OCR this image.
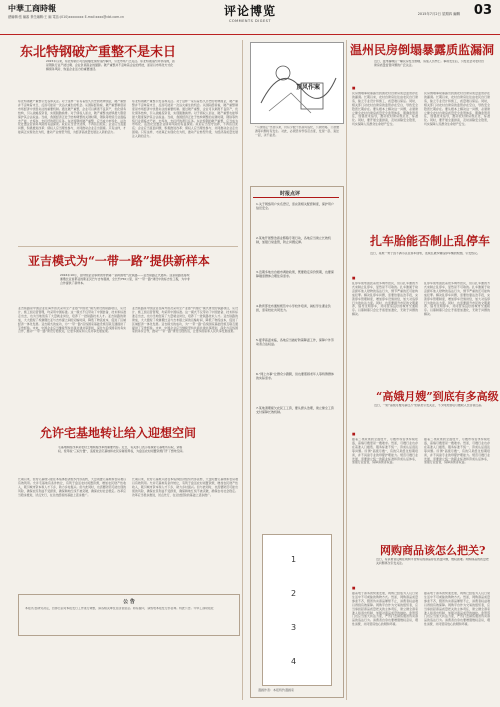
中華工商時報
總編輯:張 編審 責任編輯:王 編 電話:(010)xxxxxxxx E-mail:xxxx@cbt.com.cn	评论博览
COMMENTS DIGEST
2015年7月2日 星期四 編輯 03
东北特钢破产重整不是末日
2015年以来，东北特钢公司连续爆发债券违约事件，引发市场广泛关注。东北特钢违约并非孤例，而是钢铁行业产能过剩、企业负债高企的缩影。破产重整并不意味着企业的终结，而是以市场化方式化解债务风险、恢复企业活力的重要途径。
东北特钢破产重整引发各界关注。对于这样一家有着悠久历史的老牌国企，破产重整并不意味着末日，反而可能是一次浴火重生的机会。从国际经验看，破产重整制度是市场经济中优胜劣汰的重要机制。通过破产重整，企业可以剥离不良资产，优化债务结构，引入战略投资者，实现脱胎换骨。对于债权人而言，破产重整也能够最大限度保护其合法权益。当前，我国经济正处于结构调整的关键时期，钢铁等传统行业面临去产能、去库存、去杠杆的艰巨任务。东北特钢的破产重整，应当成为市场化、法治化处置企业债务风险的有益探索。政府应当坚守边界，不再盲目兜底；企业应当直面问题，积极推进改革；债权人应当理性参与，共同推动企业走出困境。只有这样，才能真正实现化危为机，推动产业转型升级，为经济高质量发展注入新的活力。
东北特钢破产重整引发各界关注。对于这样一家有着悠久历史的老牌国企，破产重整并不意味着末日，反而可能是一次浴火重生的机会。从国际经验看，破产重整制度是市场经济中优胜劣汰的重要机制。通过破产重整，企业可以剥离不良资产，优化债务结构，引入战略投资者，实现脱胎换骨。对于债权人而言，破产重整也能够最大限度保护其合法权益。当前，我国经济正处于结构调整的关键时期，钢铁等传统行业面临去产能、去库存、去杠杆的艰巨任务。东北特钢的破产重整，应当成为市场化、法治化处置企业债务风险的有益探索。政府应当坚守边界，不再盲目兜底；企业应当直面问题，积极推进改革；债权人应当理性参与，共同推动企业走出困境。只有这样，才能真正实现化危为机，推动产业转型升级，为经济高质量发展注入新的活力。
亚吉模式为“一带一路”提供新样本
2016年10月，由中国企业承建的非洲第一条跨国电气化铁路——亚吉铁路正式通车。这条铁路连接埃塞俄比亚首都亚的斯亚贝巴与吉布提港，全长约750公里，是“一带一路”建设中的标志性工程，为中非合作提供了新样本。
亚吉铁路是中国企业在海外首次采用全产业链“中国化”模式建设的铁路项目，从设计、施工到运营管理，均采用中国标准。这一模式不仅带动了中国装备、技术和标准走出去，也为当地创造了大量就业岗位，培养了一批铁路技术人才。亚吉铁路的建成，大大缩短了埃塞俄比亚与吉布提之间的运输时间，降低了物流成本，促进了区域经济一体化发展。亚吉模式的成功，为“一带一路”沿线国家基础设施互联互通提供了宝贵经验。未来，中国企业应当继续坚持共商共建共享原则，深化与沿线国家的务实合作，推动“一带一路”建设行稳致远，让更多国家和人民共享发展成果。
亚吉铁路是中国企业在海外首次采用全产业链“中国化”模式建设的铁路项目，从设计、施工到运营管理，均采用中国标准。这一模式不仅带动了中国装备、技术和标准走出去，也为当地创造了大量就业岗位，培养了一批铁路技术人才。亚吉铁路的建成，大大缩短了埃塞俄比亚与吉布提之间的运输时间，降低了物流成本，促进了区域经济一体化发展。亚吉模式的成功，为“一带一路”沿线国家基础设施互联互通提供了宝贵经验。未来，中国企业应当继续坚持共商共建共享原则，深化与沿线国家的务实合作，推动“一带一路”建设行稳致远，让更多国家和人民共享发展成果。
允许宅基地转让给入迎想空间
宅基地制度改革是农村土地制度改革的重要内容。近日，有关部门表示将探索宅基地所有权、资格权、使用权“三权分置”，适度放活宅基地和农民房屋使用权，为盘活农村闲置资源打开了想象空间。
长期以来，农村宅基地只能在本集体经济组织内部流转，大量闲置宅基地和农房难以有效利用。允许宅基地有条件转让，有利于盘活农村闲置资源，增加农民财产性收入，吸引城市资本和人才下乡，助力乡村振兴。但与此同时，也需要防范可能出现的风险，确保农民利益不受损害，确保耕地红线不被突破，确保农村社会稳定。改革应当稳步推进，试点先行，在总结经验的基础上逐步推广。
长期以来，农村宅基地只能在本集体经济组织内部流转，大量闲置宅基地和农房难以有效利用。允许宅基地有条件转让，有利于盘活农村闲置资源，增加农民财产性收入，吸引城市资本和人才下乡，助力乡村振兴。但与此同时，也需要防范可能出现的风险，确保农民利益不受损害，确保耕地红线不被突破，确保农村社会稳定。改革应当稳步推进，试点先行，在总结经验的基础上逐步推广。
公 告
本报讯 经研究决定，自即日起对本报发行工作进行调整，请各相关单位及读者留意。如有疑问，请致电本报发行部咨询。特此公告。中华工商时报社
顶风作案
“八项规定”出台以来，仍有少数干部顶风违纪，公款吃喝、公款旅游等问题时有发生。对此，必须坚持零容忍态度，发现一起、查处一起，决不姑息。
时报点评
1.关于网络用户实名登记，需完善相关配套制度，保护用户信息安全。
2.某地开展整治商业贿赂专项行动，各地应当建立长效机制，加强日常监管，防止问题反弹。
3.近期多地出台楼市调控政策，既要稳定房价预期，也要保障刚需群体合理住房需求。
4.教育部发布通知规范中小学校外培训，减轻学生课业负担，需家校社共同发力。
5.夏季高温来临，各地应当做好防暑降温工作，保障户外劳动者合法权益。
6.“网上办事”让群众少跑腿，但也要照顾老年人等特殊群体的实际需求。
7.某地清理拖欠农民工工资，要从源头治理，建立健全工资支付保障长效机制。
1
2
3
4
漫画作者：本报特约漫画家
温州民房倒塌暴露质监漏洞
近日，温州鹿城区一幢民房发生倒塌，造成人员伤亡。事故发生后，引发社会对农村自建房质量监管问题的广泛关注。
■
民房倒塌事故暴露出我国农村自建房质量监管存在的漏洞。长期以来，农村自建房往往由农民自行建造，缺乏专业设计和施工，质量难以保证。同时，相关部门对农村自建房的监管存在空白，导致安全隐患长期存在。要从根本上解决这一问题，必须建立健全农村自建房质量安全监管体系，明确监管责任，加强技术指导，推动农村建房规范化、标准化。同时，要开展全面排查，及时消除安全隐患，切实保障人民群众生命财产安全。
民房倒塌事故暴露出我国农村自建房质量监管存在的漏洞。长期以来，农村自建房往往由农民自行建造，缺乏专业设计和施工，质量难以保证。同时，相关部门对农村自建房的监管存在空白，导致安全隐患长期存在。要从根本上解决这一问题，必须建立健全农村自建房质量安全监管体系，明确监管责任，加强技术指导，推动农村建房规范化、标准化。同时，要开展全面排查，及时消除安全隐患，切实保障人民群众生命财产安全。
扎车胎能否制止乱停车
近日，某地一男子因不满小区乱停车现象，连续扎破多辆违停车辆的轮胎，引发热议。
■
乱停车现象困扰着很多城市居民，但以扎车胎的方式来制止乱停车，显然是不可取的。扎车胎属于故意损坏他人财物的违法行为，情节严重的还可能构成犯罪。解决乱停车问题，需要依靠法治手段，完善停车管理制度，增加停车设施供给，加大对违停行为的执法力度。同时，也需要提升市民的文明素养，倡导文明停车，共同营造良好的城市交通秩序。以暴制暴只会让矛盾更加激化，无助于问题的解决。
乱停车现象困扰着很多城市居民，但以扎车胎的方式来制止乱停车，显然是不可取的。扎车胎属于故意损坏他人财物的违法行为，情节严重的还可能构成犯罪。解决乱停车问题，需要依靠法治手段，完善停车管理制度，增加停车设施供给，加大对违停行为的执法力度。同时，也需要提升市民的文明素养，倡导文明停车，共同营造良好的城市交通秩序。以暴制暴只会让矛盾更加激化，无助于问题的解决。
“高娥月嫂”到底有多高级
近日，一则“高级月嫂月薪过万”的消息引发关注，不少网友感叹月嫂收入比白领还高。
■
随着二孩政策的全面放开，月嫂市场需求持续旺盛，高端月嫂更是一嫂难求。然而，月嫂行业也存在着准入门槛低、服务标准不统一、资质认证混乱等问题。所谓“高级月嫂”，有的只是经过短期培训，并不具备专业的母婴护理能力。规范月嫂行业发展，需要建立统一的职业标准和资质认证体系，加强行业监管，保障消费者权益。
随着二孩政策的全面放开，月嫂市场需求持续旺盛，高端月嫂更是一嫂难求。然而，月嫂行业也存在着准入门槛低、服务标准不统一、资质认证混乱等问题。所谓“高级月嫂”，有的只是经过短期培训，并不具备专业的母婴护理能力。规范月嫂行业发展，需要建立统一的职业标准和资质认证体系，加强行业监管，保障消费者权益。
网购商品该怎么把关?
近日，有消费者反映在网购平台购买的商品存在质量问题，维权困难。网购商品的质量把关问题再次引发关注。
■
随着电子商务的快速发展，网购已经成为人们日常生活中不可或缺的购物方式。然而，网购商品质量参差不齐，假冒伪劣商品屡禁不止，消费者权益难以得到有效保障。网购平台作为交易的组织者，应当承担起商品质量把关的主体责任，建立健全商家准入和退出机制，加强对商品质量的抽检。监管部门也应当加大执法力度，严厉打击销售假冒伪劣商品的违法行为。消费者自身也要增强维权意识，理性消费，共同营造放心的网购环境。
随着电子商务的快速发展，网购已经成为人们日常生活中不可或缺的购物方式。然而，网购商品质量参差不齐，假冒伪劣商品屡禁不止，消费者权益难以得到有效保障。网购平台作为交易的组织者，应当承担起商品质量把关的主体责任，建立健全商家准入和退出机制，加强对商品质量的抽检。监管部门也应当加大执法力度，严厉打击销售假冒伪劣商品的违法行为。消费者自身也要增强维权意识，理性消费，共同营造放心的网购环境。
